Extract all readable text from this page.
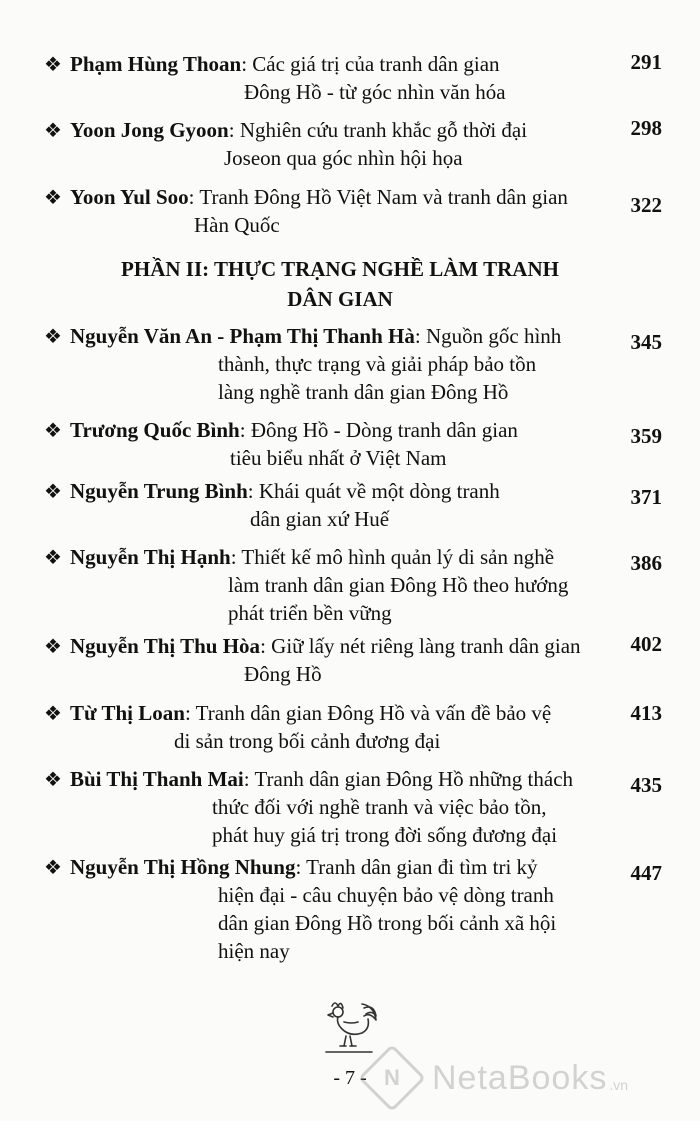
❖ Phạm Hùng Thoan: Các giá trị của tranh dân gian
Đông Hồ - từ góc nhìn văn hóa
291
❖ Yoon Jong Gyoon: Nghiên cứu tranh khắc gỗ thời đại
Joseon qua góc nhìn hội họa
298
❖ Yoon Yul Soo: Tranh Đông Hồ Việt Nam và tranh dân gian
Hàn Quốc
322
PHẦN II: THỰC TRẠNG NGHỀ LÀM TRANH
DÂN GIAN
❖ Nguyễn Văn An - Phạm Thị Thanh Hà: Nguồn gốc hình
thành, thực trạng và giải pháp bảo tồn
làng nghề tranh dân gian Đông Hồ
345
❖ Trương Quốc Bình: Đông Hồ - Dòng tranh dân gian
tiêu biểu nhất ở Việt Nam
359
❖ Nguyễn Trung Bình: Khái quát về một dòng tranh
dân gian xứ Huế
371
❖ Nguyễn Thị Hạnh: Thiết kế mô hình quản lý di sản nghề
làm tranh dân gian Đông Hồ theo hướng
phát triển bền vững
386
❖ Nguyễn Thị Thu Hòa: Giữ lấy nét riêng làng tranh dân gian
Đông Hồ
402
❖ Từ Thị Loan: Tranh dân gian Đông Hồ và vấn đề bảo vệ
di sản trong bối cảnh đương đại
413
❖ Bùi Thị Thanh Mai: Tranh dân gian Đông Hồ những thách
thức đối với nghề tranh và việc bảo tồn,
phát huy giá trị trong đời sống đương đại
435
❖ Nguyễn Thị Hồng Nhung: Tranh dân gian đi tìm tri kỷ
hiện đại - câu chuyện bảo vệ dòng tranh
dân gian Đông Hồ trong bối cảnh xã hội
hiện nay
447
- 7 - N NetaBooks .vn
